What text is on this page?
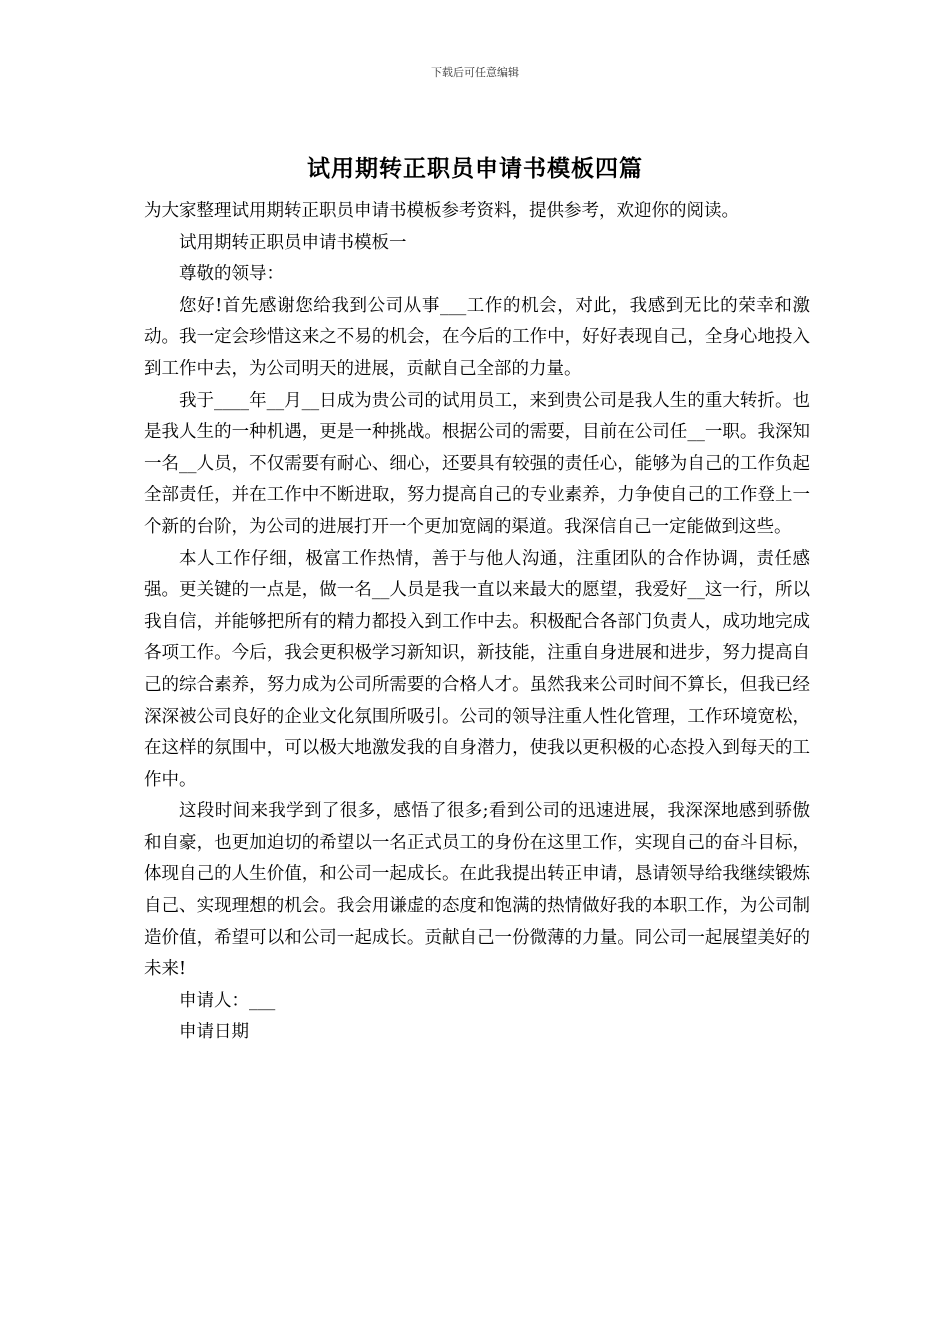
下载后可任意编辑
试用期转正职员申请书模板四篇

为大家整理试用期转正职员申请书模板参考资料，提供参考，欢迎你的阅读。

试用期转正职员申请书模板一

尊敬的领导：

您好!首先感谢您给我到公司从事___工作的机会，对此，我感到无比的荣幸和激动。我一定会珍惜这来之不易的机会，在今后的工作中，好好表现自己，全身心地投入到工作中去，为公司明天的进展，贡献自己全部的力量。

我于____年__月__日成为贵公司的试用员工，来到贵公司是我人生的重大转折。也是我人生的一种机遇，更是一种挑战。根据公司的需要，目前在公司任__一职。我深知一名__人员，不仅需要有耐心、细心，还要具有较强的责任心，能够为自己的工作负起全部责任，并在工作中不断进取，努力提高自己的专业素养，力争使自己的工作登上一个新的台阶，为公司的进展打开一个更加宽阔的渠道。我深信自己一定能做到这些。

本人工作仔细，极富工作热情，善于与他人沟通，注重团队的合作协调，责任感强。更关键的一点是，做一名__人员是我一直以来最大的愿望，我爱好__这一行，所以我自信，并能够把所有的精力都投入到工作中去。积极配合各部门负责人，成功地完成各项工作。今后，我会更积极学习新知识，新技能，注重自身进展和进步，努力提高自己的综合素养，努力成为公司所需要的合格人才。虽然我来公司时间不算长，但我已经深深被公司良好的企业文化氛围所吸引。公司的领导注重人性化管理，工作环境宽松，在这样的氛围中，可以极大地激发我的自身潜力，使我以更积极的心态投入到每天的工作中。

这段时间来我学到了很多，感悟了很多;看到公司的迅速进展，我深深地感到骄傲和自豪，也更加迫切的希望以一名正式员工的身份在这里工作，实现自己的奋斗目标，体现自己的人生价值，和公司一起成长。在此我提出转正申请，恳请领导给我继续锻炼自己、实现理想的机会。我会用谦虚的态度和饱满的热情做好我的本职工作，为公司制造价值，希望可以和公司一起成长。贡献自己一份微薄的力量。同公司一起展望美好的未来!

申请人：___

申请日期
